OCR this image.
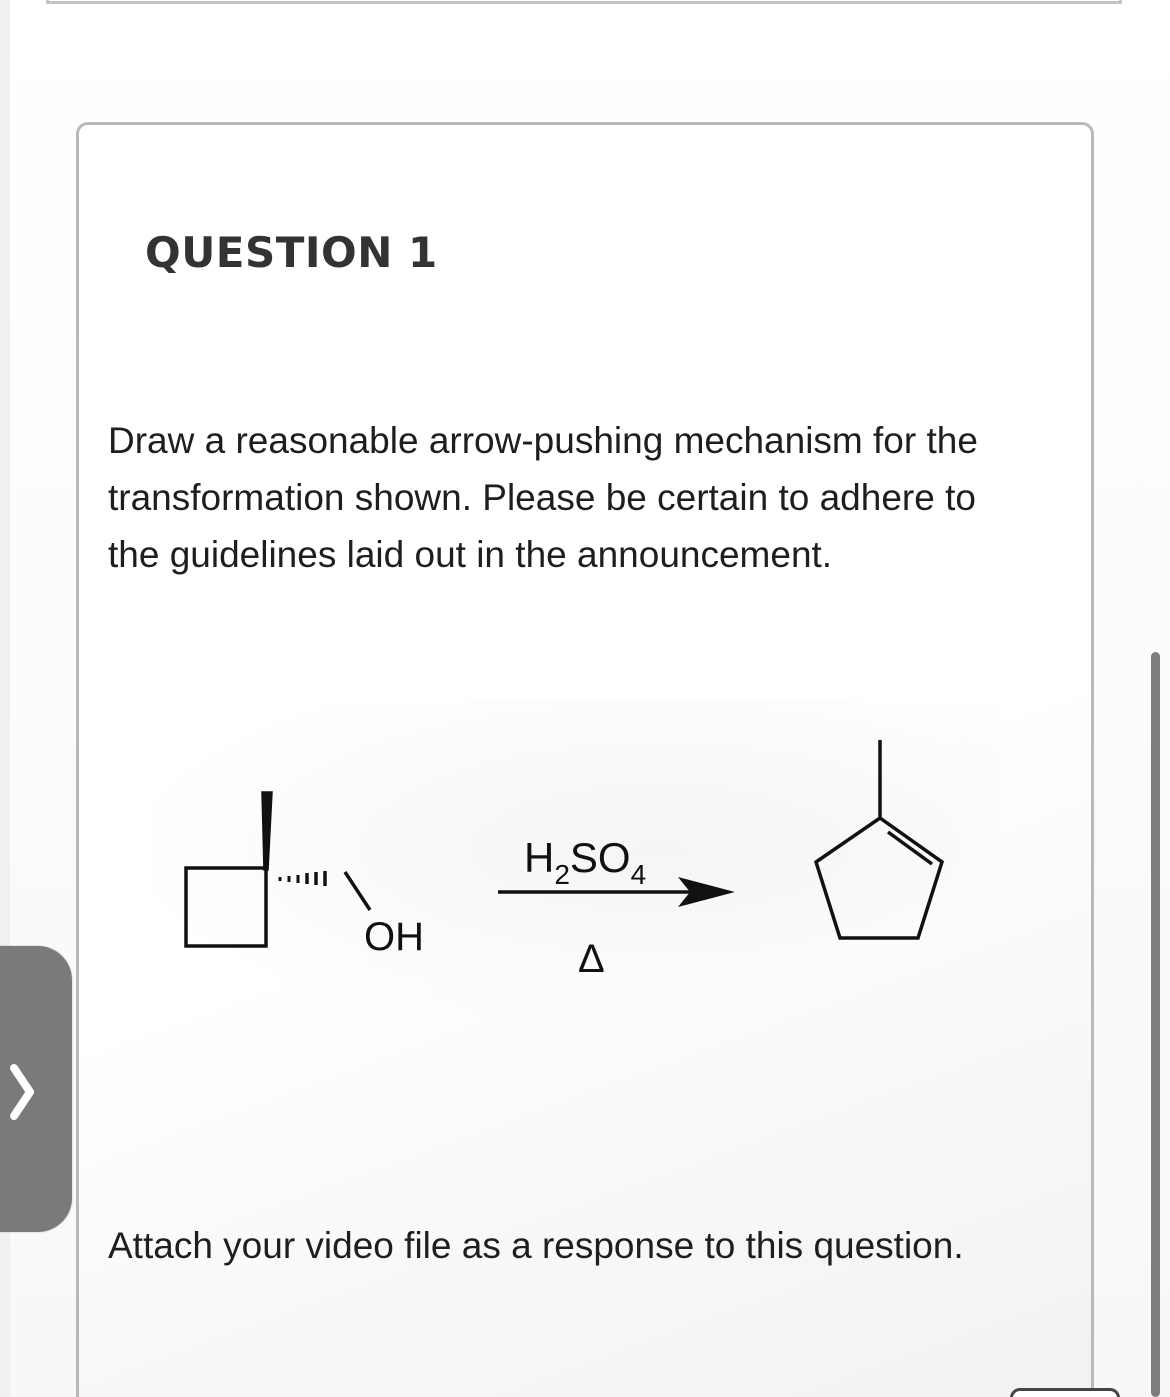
QUESTION 1
Draw a reasonable arrow-pushing mechanism for the transformation shown. Please be certain to adhere to the guidelines laid out in the announcement.
OH
$H_2SO_4$
Δ
Attach your video file as a response to this question.
